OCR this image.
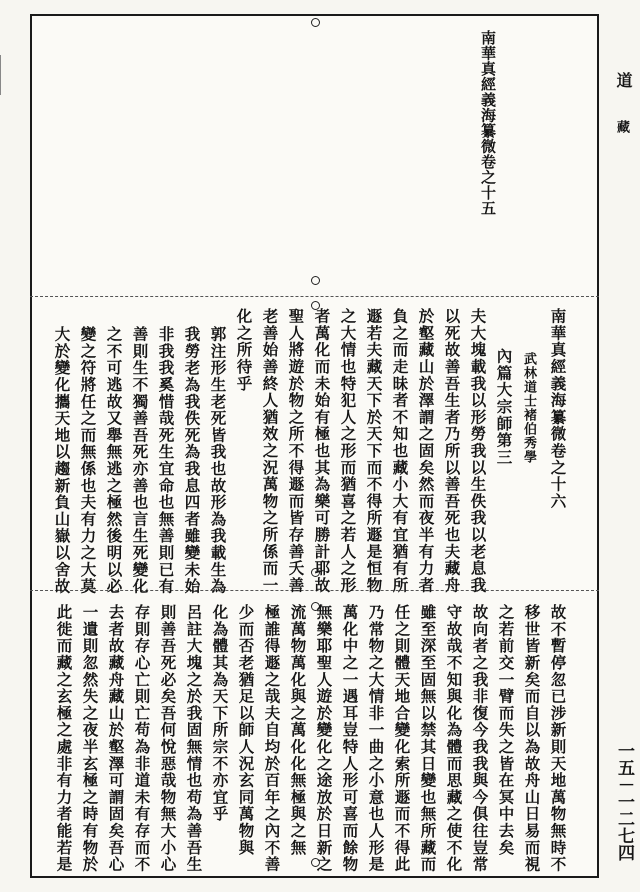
道
藏
一五－一二七四
南華真經義海纂微卷之十五
南華真經義海纂微卷之十六
武林道士褚伯秀學
內篇大宗師第三
夫大塊載我以形勞我以生佚我以老息我
以死故善吾生者乃所以善吾死也夫藏舟
於壑藏山於澤謂之固矣然而夜半有力者
負之而走昧者不知也藏小大有宜猶有所
遯若夫藏天下於天下而不得所遯是恒物
之大情也特犯人之形而猶喜之若人之形
者萬化而未始有極也其為樂可勝計耶故
聖人將遊於物之所不得遯而皆存善夭善
老善始善終人猶效之況萬物之所係而一
化之所待乎
郭注形生老死皆我也故形為我載生為
我勞老為我佚死為我息四者雖變未始
非我我奚惜哉死生宜命也無善則已有
善則生不獨善吾死亦善也言生死變化
之不可逃故又舉無逃之極然後明以必
變之符將任之而無係也夫有力之大莫
大於變化攜天地以趨新負山嶽以舍故
故不暫停忽已涉新則天地萬物無時不
移世皆新矣而自以為故舟山日易而視
之若前交一臂而失之皆在冥中去矣
故向者之我非復今我我與今俱往豈常
守故哉不知與化為體而思藏之使不化
雖至深至固無以禁其日變也無所藏而
任之則體天地合變化索所遯而不得此
乃常物之大情非一曲之小意也人形是
萬化中之一遇耳豈特人形可喜而餘物
無樂耶聖人遊於變化之途放於日新之
流萬物萬化與之萬化化無極與之無
極誰得遯之哉夫自均於百年之內不善
少而否老猶足以師人況玄同萬物與
化為體其為天下所宗不亦宜乎
呂註大塊之於我固無情也苟為善吾生
則善吾死必矣吾何悅惡哉物無大小心
存則存心亡則亡苟為非道未有存而不
去者故藏舟藏山於壑澤可謂固矣吾心
一遺則忽然失之夜半玄極之時有物於
此徙而藏之玄極之處非有力者能若是
